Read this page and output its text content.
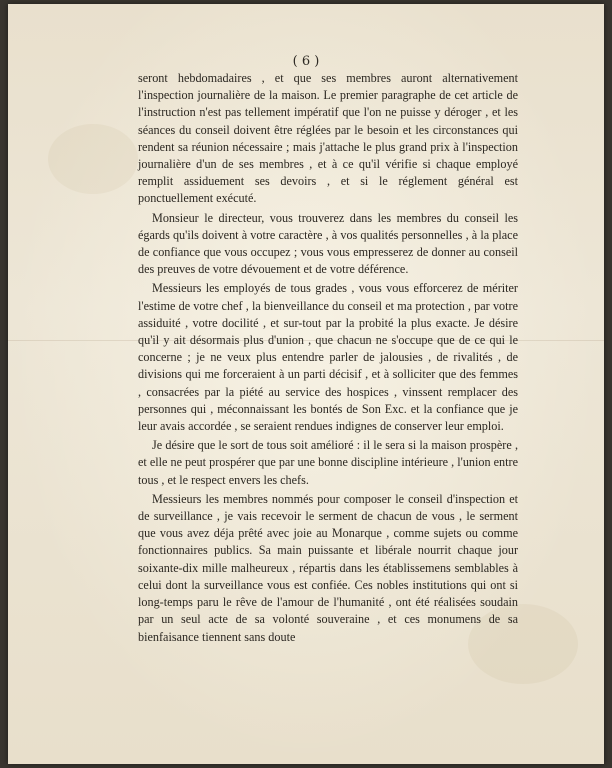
( 6 )

seront hebdomadaires , et que ses membres auront alternativement l'inspection journalière de la maison. Le premier paragraphe de cet article de l'instruction n'est pas tellement impératif que l'on ne puisse y déroger , et les séances du conseil doivent être réglées par le besoin et les circonstances qui rendent sa réunion nécessaire ; mais j'attache le plus grand prix à l'inspection journalière d'un de ses membres , et à ce qu'il vérifie si chaque employé remplit assiduement ses devoirs , et si le réglement général est ponctuellement exécuté.

Monsieur le directeur, vous trouverez dans les membres du conseil les égards qu'ils doivent à votre caractère , à vos qualités personnelles , à la place de confiance que vous occupez ; vous vous empresserez de donner au conseil des preuves de votre dévouement et de votre déférence.

Messieurs les employés de tous grades , vous vous efforcerez de mériter l'estime de votre chef , la bienveillance du conseil et ma protection , par votre assiduité , votre docilité , et sur-tout par la probité la plus exacte. Je désire qu'il y ait désormais plus d'union , que chacun ne s'occupe que de ce qui le concerne ; je ne veux plus entendre parler de jalousies , de rivalités , de divisions qui me forceraient à un parti décisif , et à solliciter que des femmes , consacrées par la piété au service des hospices , vinssent remplacer des personnes qui , méconnaissant les bontés de Son Exc. et la confiance que je leur avais accordée , se seraient rendues indignes de conserver leur emploi.

Je désire que le sort de tous soit amélioré : il le sera si la maison prospère , et elle ne peut prospérer que par une bonne discipline intérieure , l'union entre tous , et le respect envers les chefs.

Messieurs les membres nommés pour composer le conseil d'inspection et de surveillance , je vais recevoir le serment de chacun de vous , le serment que vous avez déja prêté avec joie au Monarque , comme sujets ou comme fonctionnaires publics. Sa main puissante et libérale nourrit chaque jour soixante-dix mille malheureux , répartis dans les établissemens semblables à celui dont la surveillance vous est confiée. Ces nobles institutions qui ont si long-temps paru le rêve de l'amour de l'humanité , ont été réalisées soudain par un seul acte de sa volonté souveraine , et ces monumens de sa bienfaisance tiennent sans doute
